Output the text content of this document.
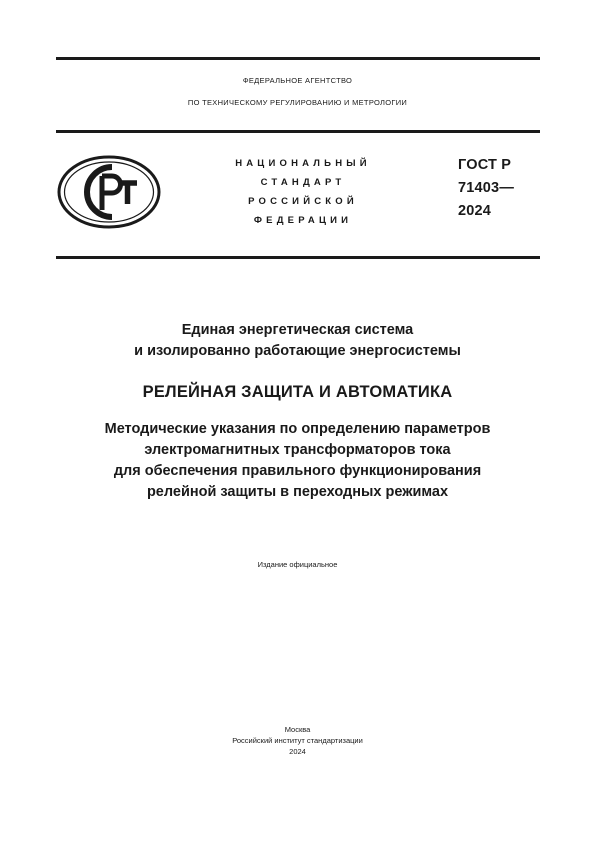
ФЕДЕРАЛЬНОЕ АГЕНТСТВО
ПО ТЕХНИЧЕСКОМУ РЕГУЛИРОВАНИЮ И МЕТРОЛОГИИ
НАЦИОНАЛЬНЫЙ
СТАНДАРТ
РОССИЙСКОЙ
ФЕДЕРАЦИИ
ГОСТ Р
71403—
2024
Единая энергетическая система
и изолированно работающие энергосистемы
РЕЛЕЙНАЯ ЗАЩИТА И АВТОМАТИКА
Методические указания по определению параметров
электромагнитных трансформаторов тока
для обеспечения правильного функционирования
релейной защиты в переходных режимах
Издание официальное
Москва
Российский институт стандартизации
2024
